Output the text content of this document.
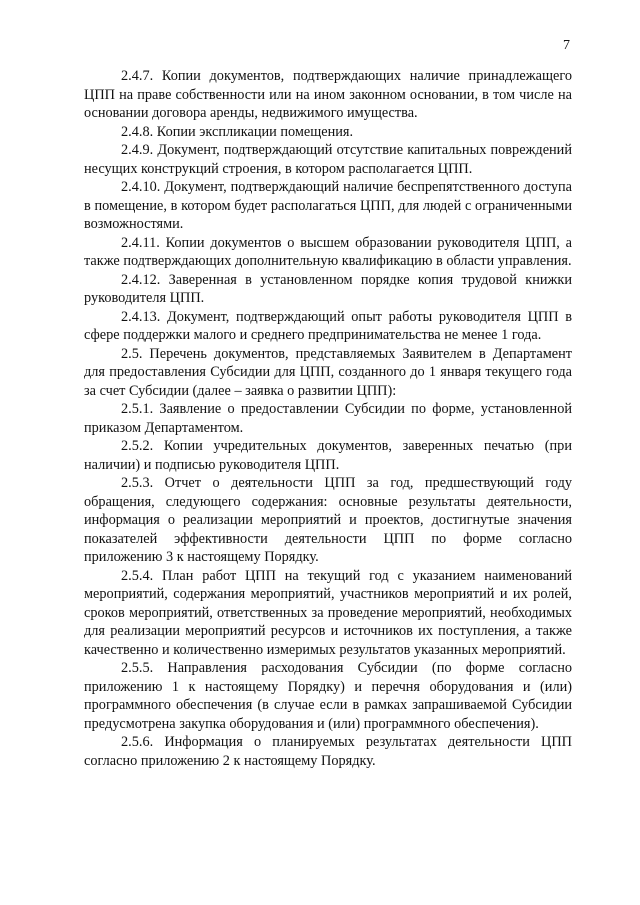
7

2.4.7. Копии документов, подтверждающих наличие принадлежащего ЦПП на праве собственности или на ином законном основании, в том числе на основании договора аренды, недвижимого имущества.

2.4.8. Копии экспликации помещения.

2.4.9. Документ, подтверждающий отсутствие капитальных повреждений несущих конструкций строения, в котором располагается ЦПП.

2.4.10. Документ, подтверждающий наличие беспрепятственного доступа в помещение, в котором будет располагаться ЦПП, для людей с ограниченными возможностями.

2.4.11. Копии документов о высшем образовании руководителя ЦПП, а также подтверждающих дополнительную квалификацию в области управления.

2.4.12. Заверенная в установленном порядке копия трудовой книжки руководителя ЦПП.

2.4.13. Документ, подтверждающий опыт работы руководителя ЦПП в сфере поддержки малого и среднего предпринимательства не менее 1 года.

2.5. Перечень документов, представляемых Заявителем в Департамент для предоставления Субсидии для ЦПП, созданного до 1 января текущего года за счет Субсидии (далее – заявка о развитии ЦПП):

2.5.1. Заявление о предоставлении Субсидии по форме, установленной приказом Департаментом.

2.5.2. Копии учредительных документов, заверенных печатью (при наличии) и подписью руководителя ЦПП.

2.5.3. Отчет о деятельности ЦПП за год, предшествующий году обращения, следующего содержания: основные результаты деятельности, информация о реализации мероприятий и проектов, достигнутые значения показателей эффективности деятельности ЦПП по форме согласно приложению 3 к настоящему Порядку.

2.5.4. План работ ЦПП на текущий год с указанием наименований мероприятий, содержания мероприятий, участников мероприятий и их ролей, сроков мероприятий, ответственных за проведение мероприятий, необходимых для реализации мероприятий ресурсов и источников их поступления, а также качественно и количественно измеримых результатов указанных мероприятий.

2.5.5. Направления расходования Субсидии (по форме согласно приложению 1 к настоящему Порядку) и перечня оборудования и (или) программного обеспечения (в случае если в рамках запрашиваемой Субсидии предусмотрена закупка оборудования и (или) программного обеспечения).

2.5.6. Информация о планируемых результатах деятельности ЦПП согласно приложению 2 к настоящему Порядку.
